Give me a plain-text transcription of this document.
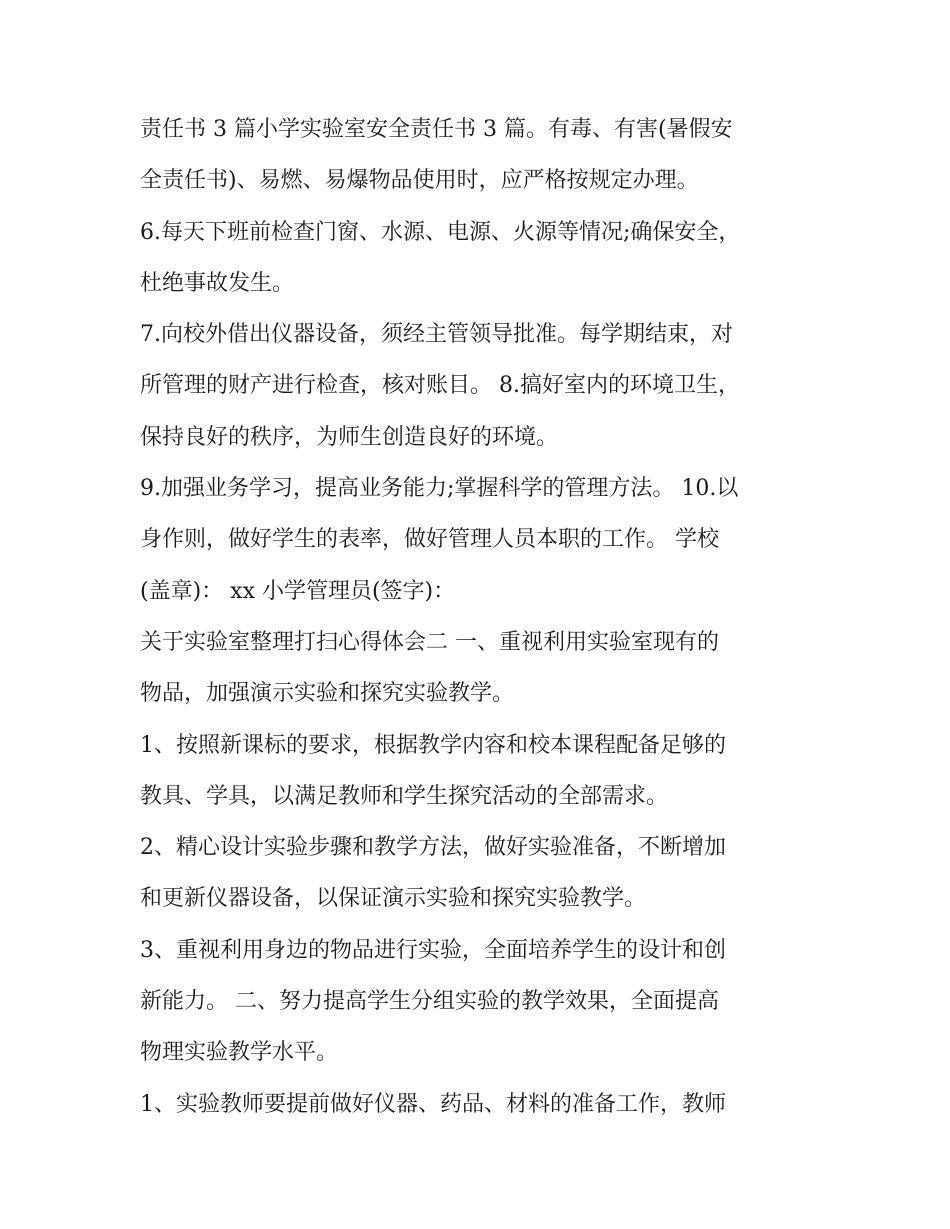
责任书 3 篇小学实验室安全责任书 3 篇。有毒、有害(暑假安
全责任书)、易燃、易爆物品使用时，应严格按规定办理。
6.每天下班前检查门窗、水源、电源、火源等情况;确保安全，
杜绝事故发生。
7.向校外借出仪器设备，须经主管领导批准。每学期结束，对
所管理的财产进行检查，核对账目。 8.搞好室内的环境卫生，
保持良好的秩序，为师生创造良好的环境。
9.加强业务学习，提高业务能力;掌握科学的管理方法。 10.以
身作则，做好学生的表率，做好管理人员本职的工作。 学校
(盖章)： xx 小学管理员(签字)：
关于实验室整理打扫心得体会二 一、重视利用实验室现有的
物品，加强演示实验和探究实验教学。
1、按照新课标的要求，根据教学内容和校本课程配备足够的
教具、学具，以满足教师和学生探究活动的全部需求。
2、精心设计实验步骤和教学方法，做好实验准备，不断增加
和更新仪器设备，以保证演示实验和探究实验教学。
3、重视利用身边的物品进行实验，全面培养学生的设计和创
新能力。 二、努力提高学生分组实验的教学效果，全面提高
物理实验教学水平。
1、实验教师要提前做好仪器、药品、材料的准备工作，教师
